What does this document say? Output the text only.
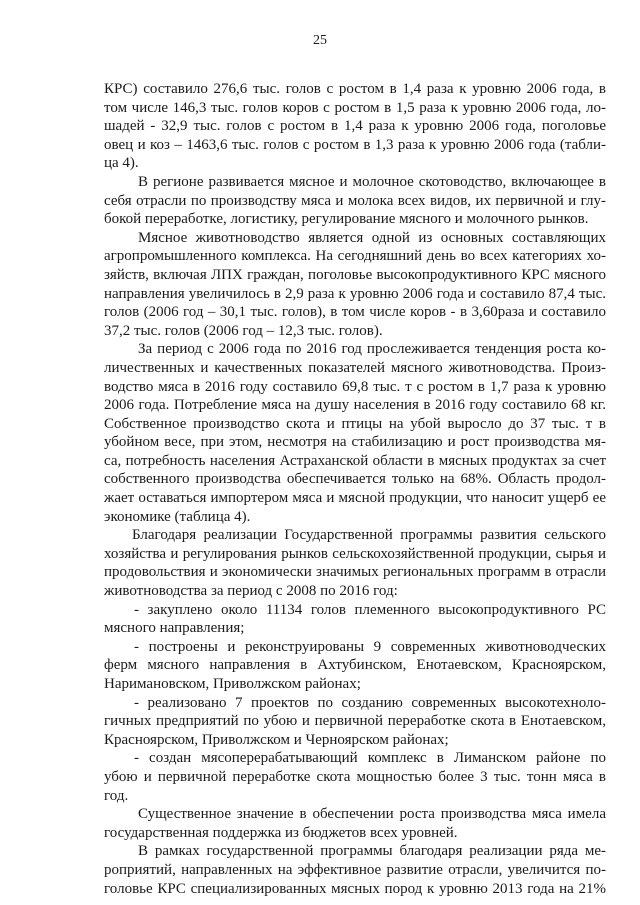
25
КРС) составило 276,6 тыс. голов с ростом в 1,4 раза к уровню 2006 года, в
том числе 146,3 тыс. голов коров с ростом в 1,5 раза к уровню 2006 года, ло-
шадей - 32,9 тыс. голов с ростом в 1,4 раза к уровню 2006 года, поголовье
овец и коз – 1463,6 тыс. голов с ростом в 1,3 раза к уровню 2006 года (табли-
ца 4).
В регионе развивается мясное и молочное скотоводство, включающее в
себя отрасли по производству мяса и молока всех видов, их первичной и глу-
бокой переработке, логистику, регулирование мясного и молочного рынков.
Мясное животноводство является одной из основных составляющих
агропромышленного комплекса. На сегодняшний день во всех категориях хо-
зяйств, включая ЛПХ граждан, поголовье высокопродуктивного КРС мясного
направления увеличилось в 2,9 раза к уровню 2006 года и составило 87,4 тыс.
голов (2006 год – 30,1 тыс. голов), в том числе коров - в 3,60раза и составило
37,2 тыс. голов (2006 год – 12,3 тыс. голов).
За период с 2006 года по 2016 год прослеживается тенденция роста ко-
личественных и качественных показателей мясного животноводства. Произ-
водство мяса в 2016 году составило 69,8 тыс. т с ростом в 1,7 раза к уровню
2006 года. Потребление мяса на душу населения в 2016 году составило 68 кг.
Собственное производство скота и птицы на убой выросло до 37 тыс. т в
убойном весе, при этом, несмотря на стабилизацию и рост производства мя-
са, потребность населения Астраханской области в мясных продуктах за счет
собственного производства обеспечивается только на 68%. Область продол-
жает оставаться импортером мяса и мясной продукции, что наносит ущерб ее
экономике (таблица 4).
Благодаря реализации Государственной программы развития сельского
хозяйства и регулирования рынков сельскохозяйственной продукции, сырья и
продовольствия и экономически значимых региональных программ в отрасли
животноводства за период с 2008 по 2016 год:
- закуплено около 11134 голов племенного высокопродуктивного РС
мясного направления;
- построены и реконструированы 9 современных животноводческих
ферм мясного направления в Ахтубинском, Енотаевском, Красноярском,
Наримановском, Приволжском районах;
- реализовано 7 проектов по созданию современных высокотехноло-
гичных предприятий по убою и первичной переработке скота в Енотаевском,
Красноярском, Приволжском и Черноярском районах;
- создан мясоперерабатывающий комплекс в Лиманском районе по
убою и первичной переработке скота мощностью более 3 тыс. тонн мяса в
год.
Существенное значение в обеспечении роста производства мяса имела
государственная поддержка из бюджетов всех уровней.
В рамках государственной программы благодаря реализации ряда ме-
роприятий, направленных на эффективное развитие отрасли, увеличится по-
головье КРС специализированных мясных пород к уровню 2013 года на 21%
